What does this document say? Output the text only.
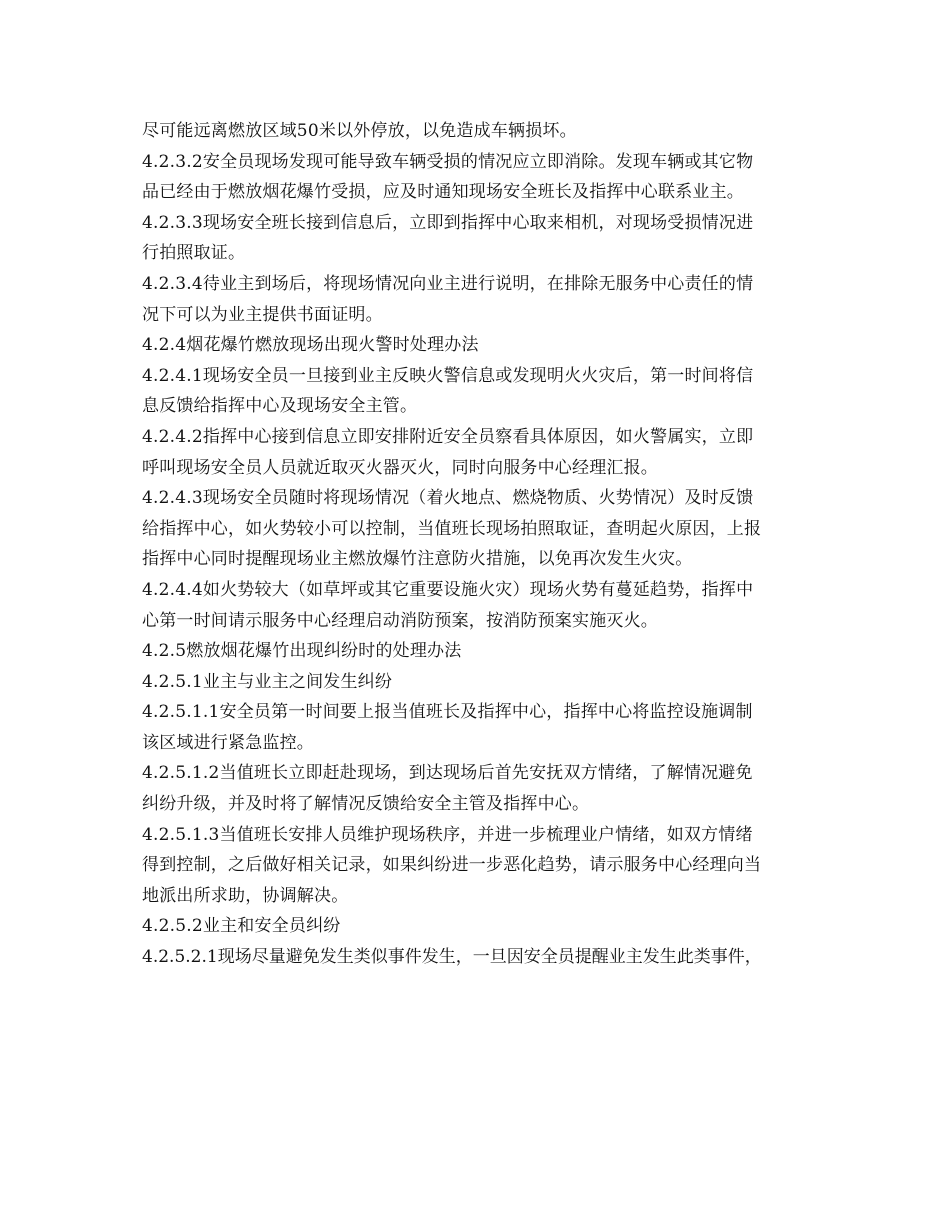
尽可能远离燃放区域50米以外停放，以免造成车辆损坏。
4.2.3.2安全员现场发现可能导致车辆受损的情况应立即消除。发现车辆或其它物
品已经由于燃放烟花爆竹受损，应及时通知现场安全班长及指挥中心联系业主。
4.2.3.3现场安全班长接到信息后，立即到指挥中心取来相机，对现场受损情况进
行拍照取证。
4.2.3.4待业主到场后，将现场情况向业主进行说明，在排除无服务中心责任的情
况下可以为业主提供书面证明。
4.2.4烟花爆竹燃放现场出现火警时处理办法
4.2.4.1现场安全员一旦接到业主反映火警信息或发现明火火灾后，第一时间将信
息反馈给指挥中心及现场安全主管。
4.2.4.2指挥中心接到信息立即安排附近安全员察看具体原因，如火警属实，立即
呼叫现场安全员人员就近取灭火器灭火，同时向服务中心经理汇报。
4.2.4.3现场安全员随时将现场情况（着火地点、燃烧物质、火势情况）及时反馈
给指挥中心，如火势较小可以控制，当值班长现场拍照取证，查明起火原因，上报
指挥中心同时提醒现场业主燃放爆竹注意防火措施，以免再次发生火灾。
4.2.4.4如火势较大（如草坪或其它重要设施火灾）现场火势有蔓延趋势，指挥中
心第一时间请示服务中心经理启动消防预案，按消防预案实施灭火。
4.2.5燃放烟花爆竹出现纠纷时的处理办法
4.2.5.1业主与业主之间发生纠纷
4.2.5.1.1安全员第一时间要上报当值班长及指挥中心，指挥中心将监控设施调制
该区域进行紧急监控。
4.2.5.1.2当值班长立即赶赴现场，到达现场后首先安抚双方情绪，了解情况避免
纠纷升级，并及时将了解情况反馈给安全主管及指挥中心。
4.2.5.1.3当值班长安排人员维护现场秩序，并进一步梳理业户情绪，如双方情绪
得到控制，之后做好相关记录，如果纠纷进一步恶化趋势，请示服务中心经理向当
地派出所求助，协调解决。
4.2.5.2业主和安全员纠纷
4.2.5.2.1现场尽量避免发生类似事件发生，一旦因安全员提醒业主发生此类事件，
